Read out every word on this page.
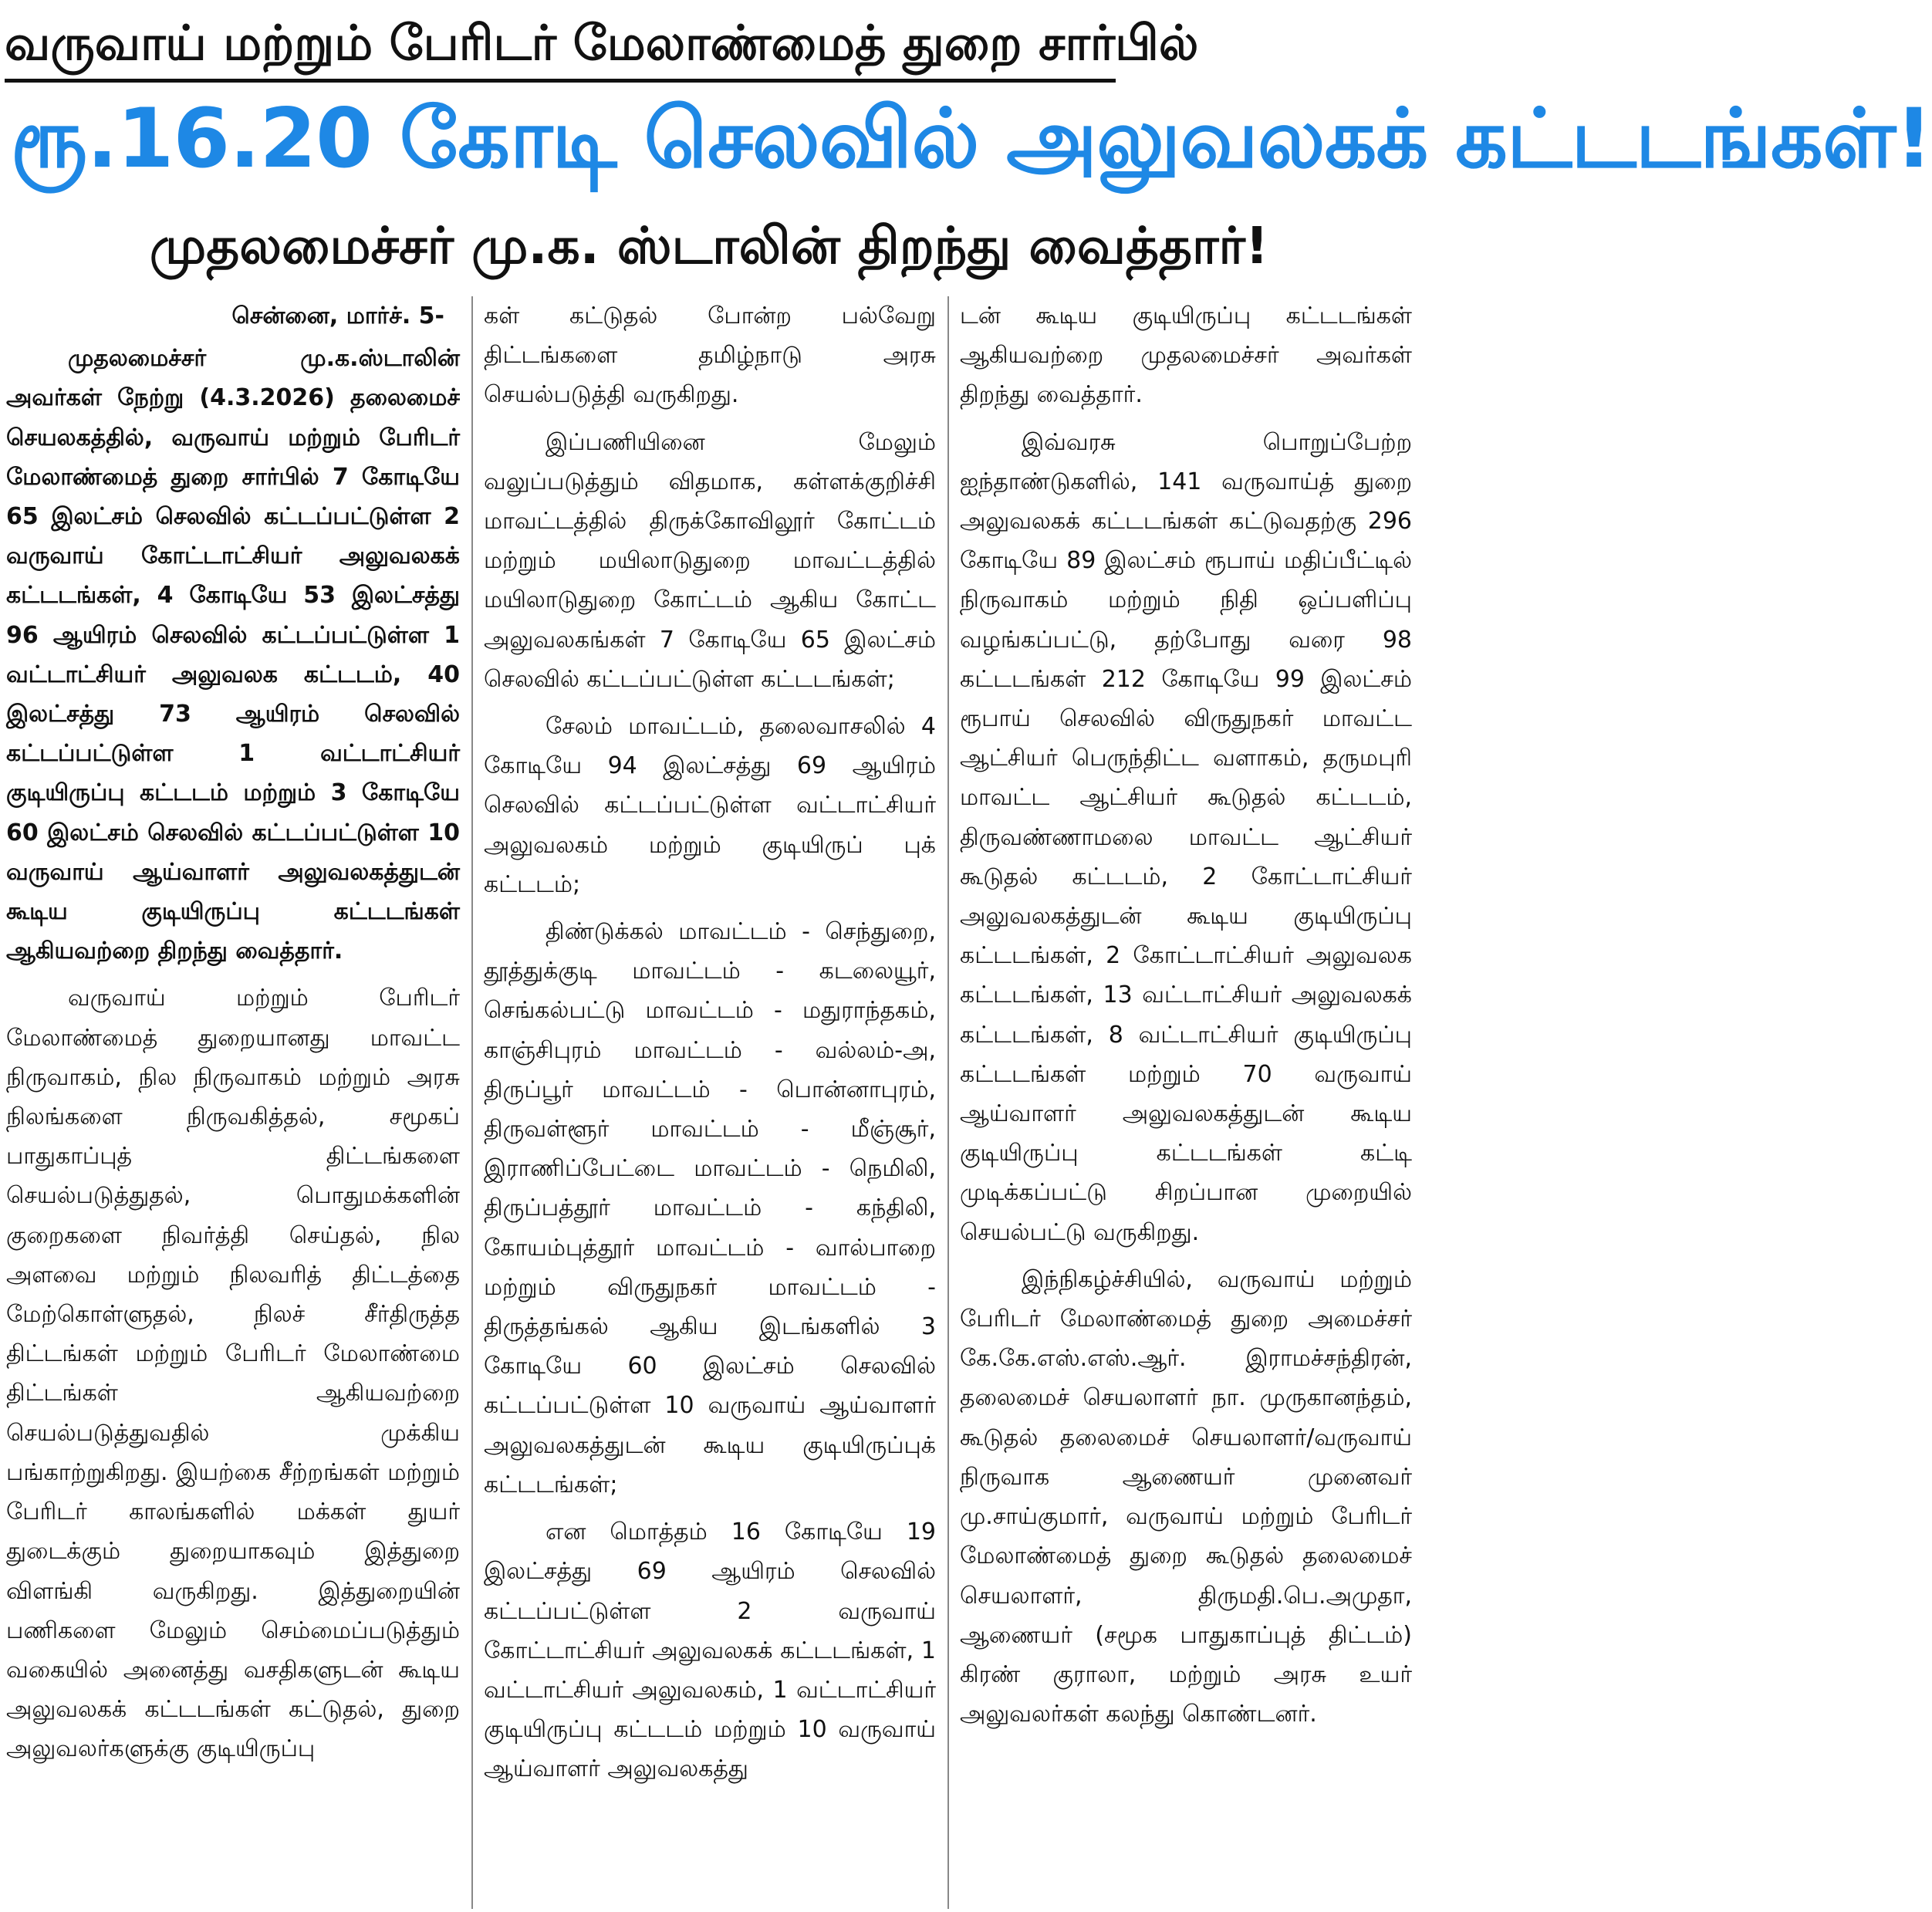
வருவாய் மற்றும் பேரிடர் மேலாண்மைத் துறை சார்பில்
ரூ.16.20 கோடி செலவில் அலுவலகக் கட்டடங்கள்!
முதலமைச்சர் மு.க. ஸ்டாலின் திறந்து வைத்தார்!
சென்னை, மார்ச். 5-

முதலமைச்சர் மு.க.ஸ்டாலின் அவர்கள் நேற்று (4.3.2026) தலைமைச் செயலகத்தில், வருவாய் மற்றும் பேரிடர் மேலாண்மைத் துறை சார்பில் 7 கோடியே 65 இலட்சம் செலவில் கட்டப்பட்டுள்ள 2 வருவாய் கோட்டாட்சியர் அலுவலகக் கட்டடங்கள், 4 கோடியே 53 இலட்சத்து 96 ஆயிரம் செலவில் கட்டப்பட்டுள்ள 1 வட்டாட்சியர் அலுவலக கட்டடம், 40 இலட்சத்து 73 ஆயிரம் செலவில் கட்டப்பட்டுள்ள 1 வட்டாட்சியர் குடியிருப்பு கட்டடம் மற்றும் 3 கோடியே 60 இலட்சம் செலவில் கட்டப்பட்டுள்ள 10 வருவாய் ஆய்வாளர் அலுவலகத்துடன் கூடிய குடியிருப்பு கட்டடங்கள் ஆகியவற்றை திறந்து வைத்தார்.

வருவாய் மற்றும் பேரிடர் மேலாண்மைத் துறையானது மாவட்ட நிருவாகம், நில நிருவாகம் மற்றும் அரசு நிலங்களை நிருவகித்தல், சமூகப் பாதுகாப்புத் திட்டங்களை செயல்படுத்துதல், பொதுமக்களின் குறைகளை நிவர்த்தி செய்தல், நில அளவை மற்றும் நிலவரித் திட்டத்தை மேற்கொள்ளுதல், நிலச் சீர்திருத்த திட்டங்கள் மற்றும் பேரிடர் மேலாண்மை திட்டங்கள் ஆகியவற்றை செயல்படுத்துவதில் முக்கிய பங்காற்றுகிறது. இயற்கை சீற்றங்கள் மற்றும் பேரிடர் காலங்களில் மக்கள் துயர் துடைக்கும் துறையாகவும் இத்துறை விளங்கி வருகிறது. இத்துறையின் பணிகளை மேலும் செம்மைப்படுத்தும் வகையில் அனைத்து வசதிகளுடன் கூடிய அலுவலகக் கட்டடங்கள் கட்டுதல், துறை அலுவலர்களுக்கு குடியிருப்பு

கள் கட்டுதல் போன்ற பல்வேறு திட்டங்களை தமிழ்நாடு அரசு செயல்படுத்தி வருகிறது.

இப்பணியினை மேலும் வலுப்படுத்தும் விதமாக, கள்ளக்குறிச்சி மாவட்டத்தில் திருக்கோவிலூர் கோட்டம் மற்றும் மயிலாடுதுறை மாவட்டத்தில் மயிலாடுதுறை கோட்டம் ஆகிய கோட்ட அலுவலகங்கள் 7 கோடியே 65 இலட்சம் செலவில் கட்டப்பட்டுள்ள கட்டடங்கள்;

சேலம் மாவட்டம், தலைவாசலில் 4 கோடியே 94 இலட்சத்து 69 ஆயிரம் செலவில் கட்டப்பட்டுள்ள வட்டாட்சியர் அலுவலகம் மற்றும் குடியிருப் புக் கட்டடம்;

திண்டுக்கல் மாவட்டம் - செந்துறை, தூத்துக்குடி மாவட்டம் - கடலையூர், செங்கல்பட்டு மாவட்டம் - மதுராந்தகம், காஞ்சிபுரம் மாவட்டம் - வல்லம்-அ, திருப்பூர் மாவட்டம் - பொன்னாபுரம், திருவள்ளூர் மாவட்டம் - மீஞ்சூர், இராணிப்பேட்டை மாவட்டம் - நெமிலி, திருப்பத்தூர் மாவட்டம் - கந்திலி, கோயம்புத்தூர் மாவட்டம் - வால்பாறை மற்றும் விருதுநகர் மாவட்டம் - திருத்தங்கல் ஆகிய இடங்களில் 3 கோடியே 60 இலட்சம் செலவில் கட்டப்பட்டுள்ள 10 வருவாய் ஆய்வாளர் அலுவலகத்துடன் கூடிய குடியிருப்புக் கட்டடங்கள்;

என மொத்தம் 16 கோடியே 19 இலட்சத்து 69 ஆயிரம் செலவில் கட்டப்பட்டுள்ள 2 வருவாய் கோட்டாட்சியர் அலுவலகக் கட்டடங்கள், 1 வட்டாட்சியர் அலுவலகம், 1 வட்டாட்சியர் குடியிருப்பு கட்டடம் மற்றும் 10 வருவாய் ஆய்வாளர் அலுவலகத்து

டன் கூடிய குடியிருப்பு கட்டடங்கள் ஆகியவற்றை முதலமைச்சர் அவர்கள் திறந்து வைத்தார்.

இவ்வரசு பொறுப்பேற்ற ஐந்தாண்டுகளில், 141 வருவாய்த் துறை அலுவலகக் கட்டடங்கள் கட்டுவதற்கு 296 கோடியே 89 இலட்சம் ரூபாய் மதிப்பீட்டில் நிருவாகம் மற்றும் நிதி ஒப்பளிப்பு வழங்கப்பட்டு, தற்போது வரை 98 கட்டடங்கள் 212 கோடியே 99 இலட்சம் ரூபாய் செலவில் விருதுநகர் மாவட்ட ஆட்சியர் பெருந்திட்ட வளாகம், தருமபுரி மாவட்ட ஆட்சியர் கூடுதல் கட்டடம், திருவண்ணாமலை மாவட்ட ஆட்சியர் கூடுதல் கட்டடம், 2 கோட்டாட்சியர் அலுவலகத்துடன் கூடிய குடியிருப்பு கட்டடங்கள், 2 கோட்டாட்சியர் அலுவலக கட்டடங்கள், 13 வட்டாட்சியர் அலுவலகக் கட்டடங்கள், 8 வட்டாட்சியர் குடியிருப்பு கட்டடங்கள் மற்றும் 70 வருவாய் ஆய்வாளர் அலுவலகத்துடன் கூடிய குடியிருப்பு கட்டடங்கள் கட்டி முடிக்கப்பட்டு சிறப்பான முறையில் செயல்பட்டு வருகிறது.

இந்நிகழ்ச்சியில், வருவாய் மற்றும் பேரிடர் மேலாண்மைத் துறை அமைச்சர் கே.கே.எஸ்.எஸ்.ஆர். இராமச்சந்திரன், தலைமைச் செயலாளர் நா. முருகானந்தம், கூடுதல் தலைமைச் செயலாளர்/வருவாய் நிருவாக ஆணையர் முனைவர் மு.சாய்குமார், வருவாய் மற்றும் பேரிடர் மேலாண்மைத் துறை கூடுதல் தலைமைச் செயலாளர், திருமதி.பெ.அமுதா, ஆணையர் (சமூக பாதுகாப்புத் திட்டம்) கிரண் குராலா, மற்றும் அரசு உயர் அலுவலர்கள் கலந்து கொண்டனர்.
